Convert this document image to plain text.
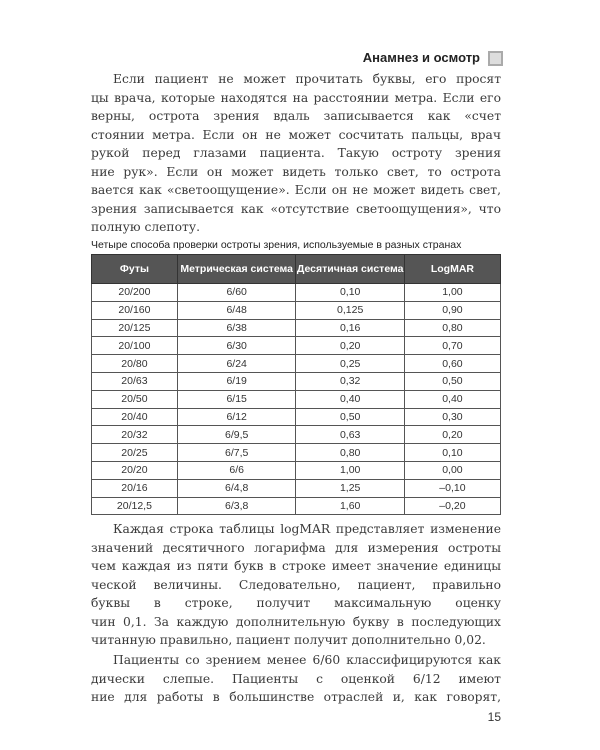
Анамнез и осмотр
Если пациент не может прочитать буквы, его просят
цы врача, которые находятся на расстоянии метра. Если его
верны, острота зрения вдаль записывается как «счет
стоянии метра. Если он не может сосчитать пальцы, врач
рукой перед глазами пациента. Такую остроту зрения
ние рук». Если он может видеть только свет, то острота
вается как «светоощущение». Если он не может видеть свет,
зрения записывается как «отсутствие светоощущения», что
полную слепоту.
Четыре способа проверки остроты зрения, используемые в разных странах
Футы	Метрическая система	Десятичная система	LogMAR
20/200	6/60	0,10	1,00
20/160	6/48	0,125	0,90
20/125	6/38	0,16	0,80
20/100	6/30	0,20	0,70
20/80	6/24	0,25	0,60
20/63	6/19	0,32	0,50
20/50	6/15	0,40	0,40
20/40	6/12	0,50	0,30
20/32	6/9,5	0,63	0,20
20/25	6/7,5	0,80	0,10
20/20	6/6	1,00	0,00
20/16	6/4,8	1,25	–0,10
20/12,5	6/3,8	1,60	–0,20
Каждая строка таблицы logMAR представляет изменение
значений десятичного логарифма для измерения остроты
чем каждая из пяти букв в строке имеет значение единицы
ческой величины. Следовательно, пациент, правильно
буквы в строке, получит максимальную оценку
чин 0,1. За каждую дополнительную букву в последующих
читанную правильно, пациент получит дополнительно 0,02.
Пациенты со зрением менее 6/60 классифицируются как
дически слепые. Пациенты с оценкой 6/12 имеют
ние для работы в большинстве отраслей и, как говорят,
15
